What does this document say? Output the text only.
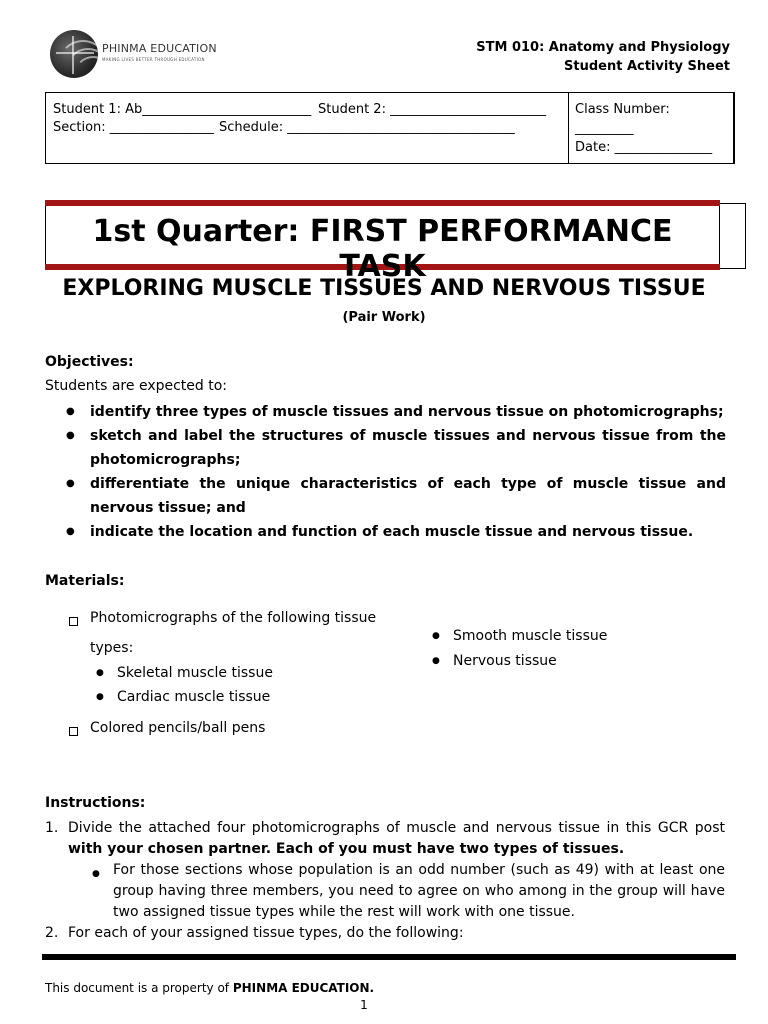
PHINMA EDUCATION
MAKING LIVES BETTER THROUGH EDUCATION
STM 010: Anatomy and Physiology
Student Activity Sheet
Student 1: Ab__________________________ Student 2: ________________________
Section: ________________ Schedule: ___________________________________
Class Number:
_________
Date: _______________
1st Quarter: FIRST PERFORMANCE TASK
EXPLORING MUSCLE TISSUES AND NERVOUS TISSUE
(Pair Work)
Objectives:
Students are expected to:
● identify three types of muscle tissues and nervous tissue on photomicrographs;
● sketch and label the structures of muscle tissues and nervous tissue from the photomicrographs;
● differentiate the unique characteristics of each type of muscle tissue and nervous tissue; and
● indicate the location and function of each muscle tissue and nervous tissue.
Materials:
Photomicrographs of the following tissue
types:
● Skeletal muscle tissue
● Cardiac muscle tissue
● Smooth muscle tissue
● Nervous tissue
Colored pencils/ball pens
Instructions:
1. Divide the attached four photomicrographs of muscle and nervous tissue in this GCR post with your chosen partner. Each of you must have two types of tissues.
● For those sections whose population is an odd number (such as 49) with at least one group having three members, you need to agree on who among in the group will have two assigned tissue types while the rest will work with one tissue.
2. For each of your assigned tissue types, do the following:
This document is a property of PHINMA EDUCATION.
1
